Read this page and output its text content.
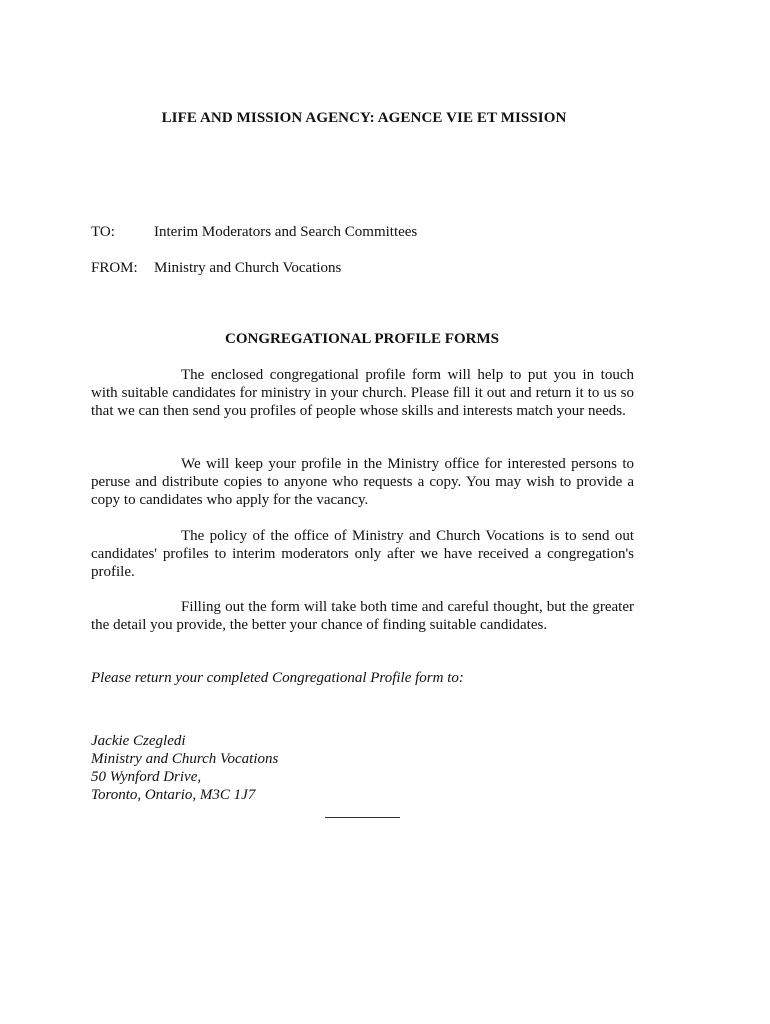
LIFE AND MISSION AGENCY: AGENCE VIE ET MISSION
TO:	Interim Moderators and Search Committees
FROM:	Ministry and Church Vocations
CONGREGATIONAL PROFILE FORMS

The enclosed congregational profile form will help to put you in touch with suitable candidates for ministry in your church. Please fill it out and return it to us so that we can then send you profiles of people whose skills and interests match your needs.

We will keep your profile in the Ministry office for interested persons to peruse and distribute copies to anyone who requests a copy. You may wish to provide a copy to candidates who apply for the vacancy.

The policy of the office of Ministry and Church Vocations is to send out candidates' profiles to interim moderators only after we have received a congregation's profile.

Filling out the form will take both time and careful thought, but the greater the detail you provide, the better your chance of finding suitable candidates.

Please return your completed Congregational Profile form to:
Jackie Czegledi
Ministry and Church Vocations
50 Wynford Drive,
Toronto, Ontario, M3C 1J7
